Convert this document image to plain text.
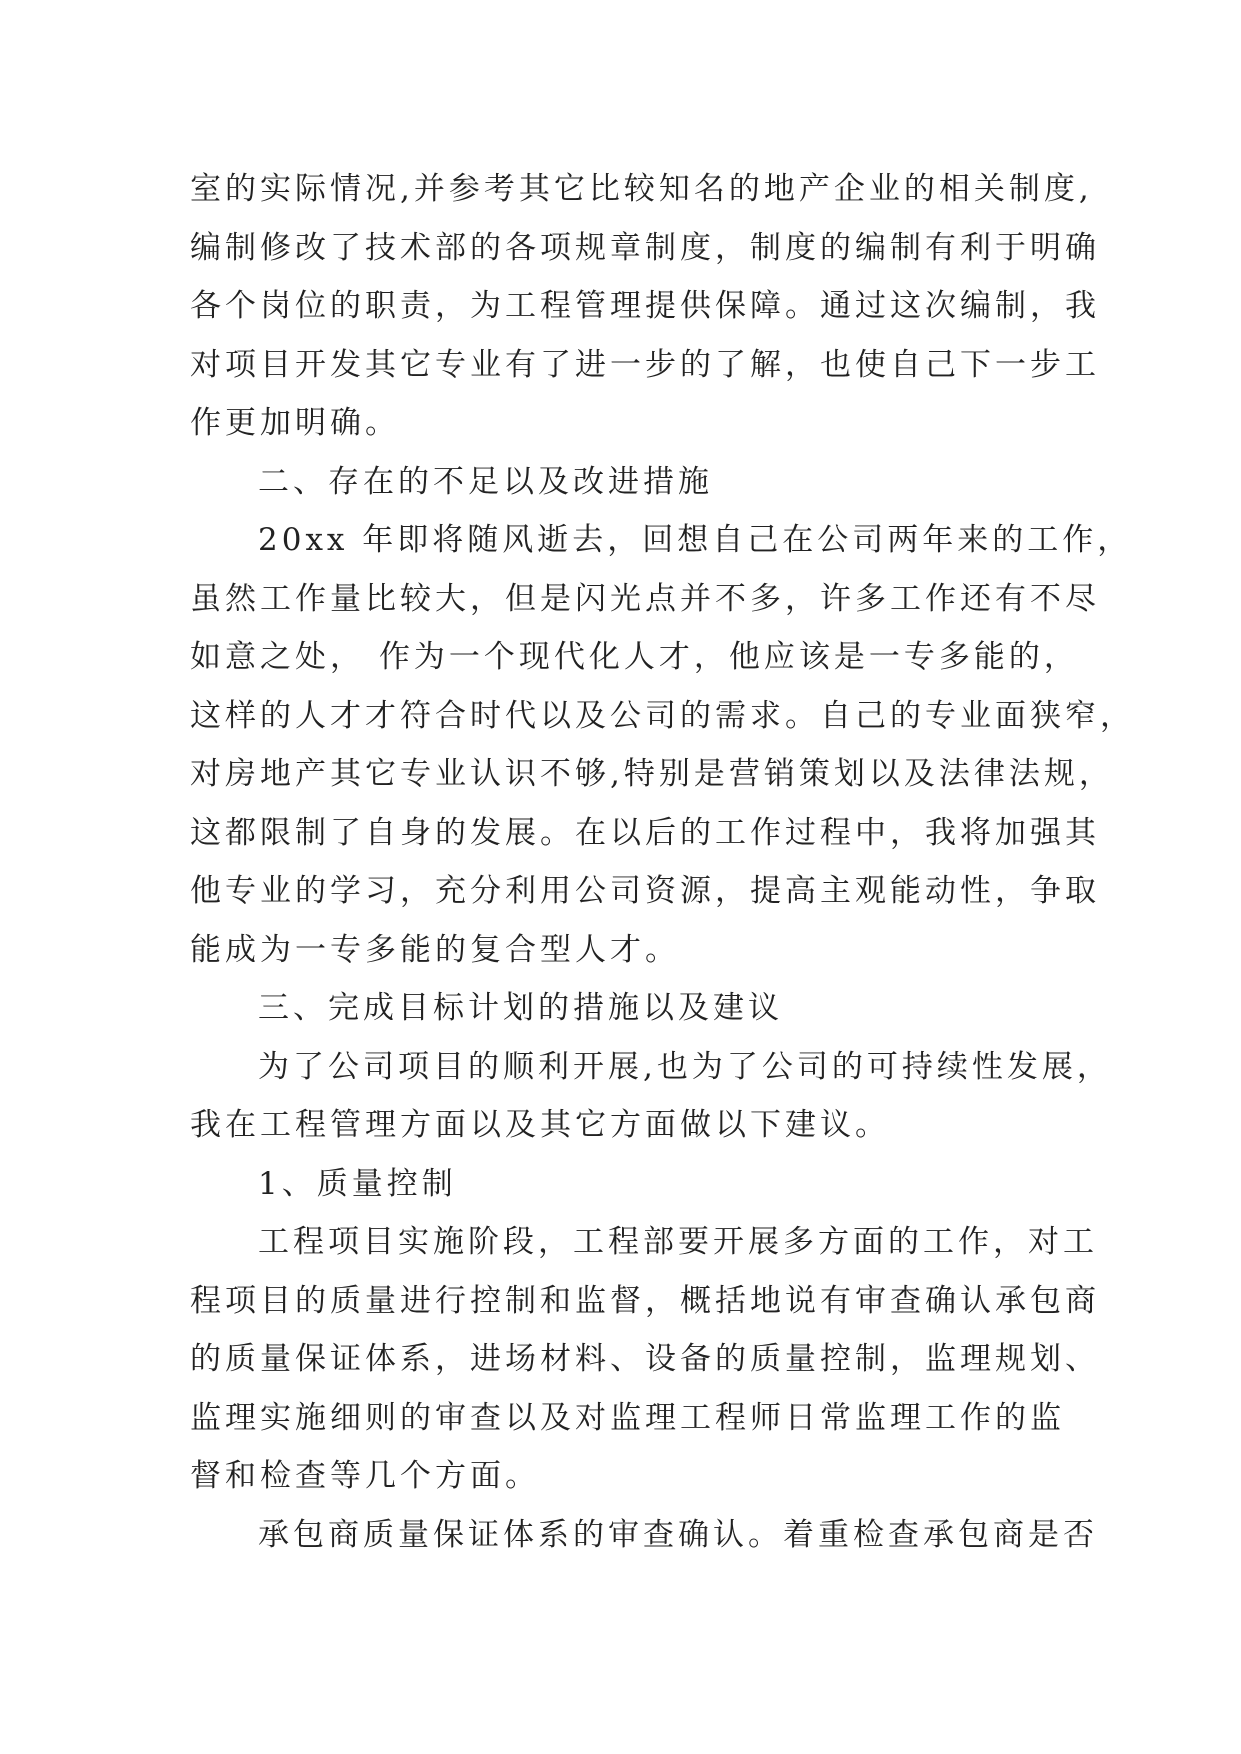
室的实际情况,并参考其它比较知名的地产企业的相关制度,
编制修改了技术部的各项规章制度，制度的编制有利于明确
各个岗位的职责，为工程管理提供保障。通过这次编制，我
对项目开发其它专业有了进一步的了解，也使自己下一步工
作更加明确。
二、存在的不足以及改进措施
20xx 年即将随风逝去，回想自己在公司两年来的工作，
虽然工作量比较大，但是闪光点并不多，许多工作还有不尽
如意之处， 作为一个现代化人才，他应该是一专多能的，
这样的人才才符合时代以及公司的需求。自己的专业面狭窄，
对房地产其它专业认识不够,特别是营销策划以及法律法规，
这都限制了自身的发展。在以后的工作过程中，我将加强其
他专业的学习，充分利用公司资源，提高主观能动性，争取
能成为一专多能的复合型人才。
三、完成目标计划的措施以及建议
为了公司项目的顺利开展,也为了公司的可持续性发展，
我在工程管理方面以及其它方面做以下建议。
1、质量控制
工程项目实施阶段，工程部要开展多方面的工作，对工
程项目的质量进行控制和监督，概括地说有审查确认承包商
的质量保证体系，进场材料、设备的质量控制，监理规划、
监理实施细则的审查以及对监理工程师日常监理工作的监
督和检查等几个方面。
承包商质量保证体系的审查确认。着重检查承包商是否
